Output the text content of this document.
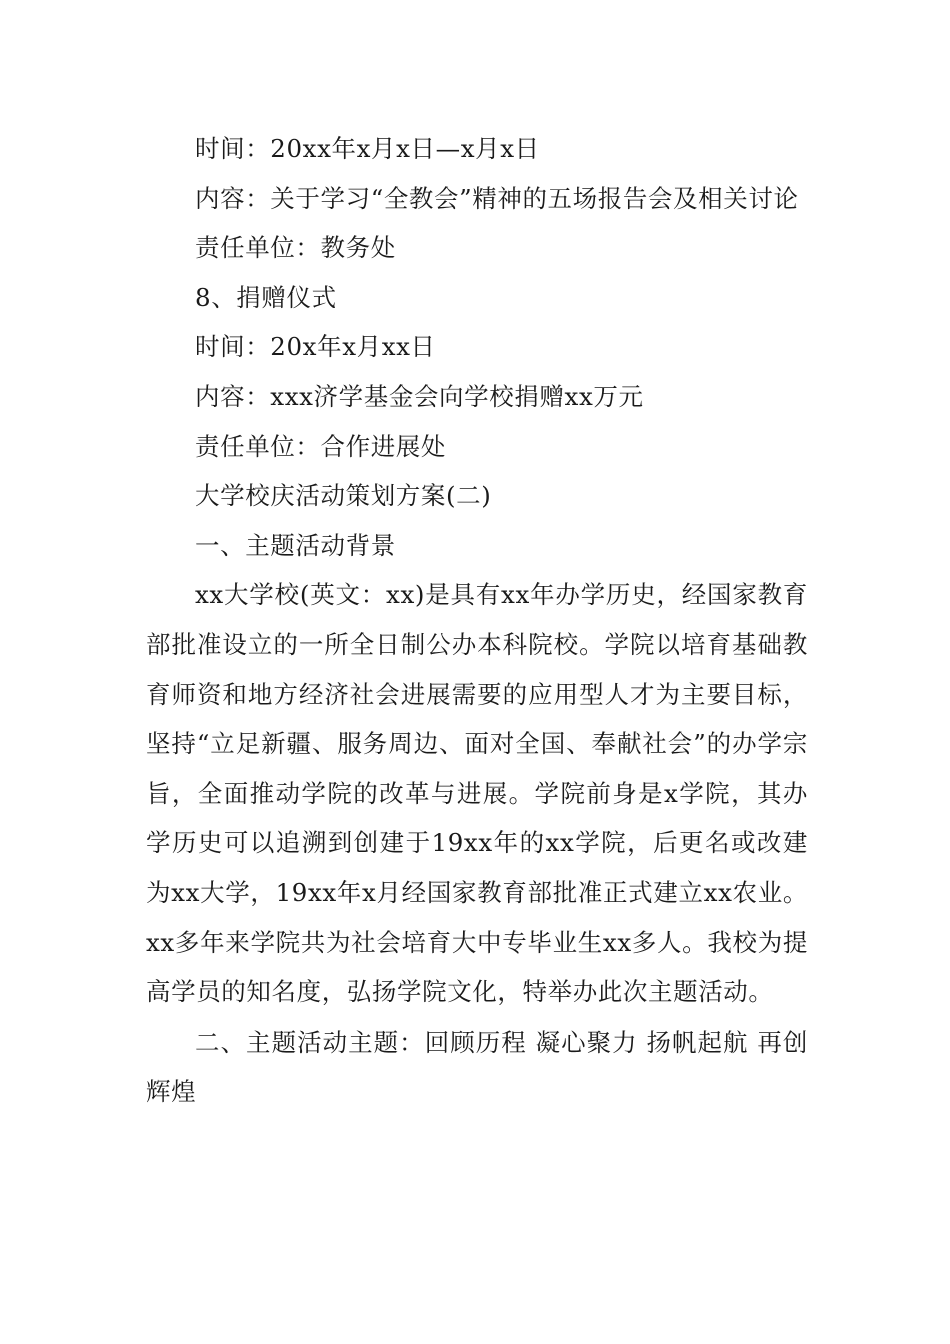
时间：20xx年x月x日—x月x日

内容：关于学习“全教会”精神的五场报告会及相关讨论

责任单位：教务处

8、捐赠仪式

时间：20x年x月xx日

内容：xxx济学基金会向学校捐赠xx万元

责任单位：合作进展处

大学校庆活动策划方案(二)

一、主题活动背景

xx大学校(英文：xx)是具有xx年办学历史，经国家教育部批准设立的一所全日制公办本科院校。学院以培育基础教育师资和地方经济社会进展需要的应用型人才为主要目标，坚持“立足新疆、服务周边、面对全国、奉献社会”的办学宗旨，全面推动学院的改革与进展。学院前身是x学院，其办学历史可以追溯到创建于19xx年的xx学院，后更名或改建为xx大学，19xx年x月经国家教育部批准正式建立xx农业。xx多年来学院共为社会培育大中专毕业生xx多人。我校为提高学员的知名度，弘扬学院文化，特举办此次主题活动。

二、主题活动主题：回顾历程 凝心聚力 扬帆起航 再创辉煌
